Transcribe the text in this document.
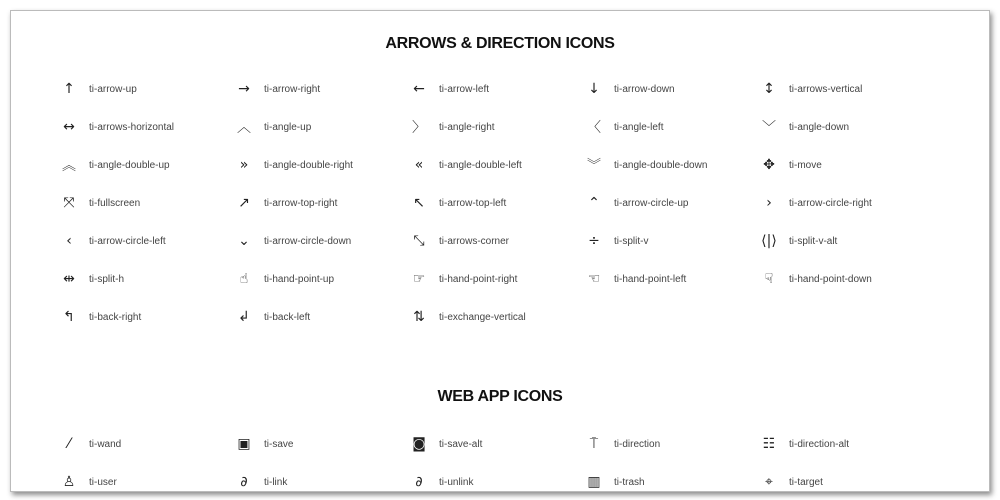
ARROWS & DIRECTION ICONS
↑ ti-arrow-up	→ ti-arrow-right	← ti-arrow-left	↓ ti-arrow-down	↕ ti-arrows-vertical
↔ ti-arrows-horizontal	︿ ti-angle-up	〉 ti-angle-right	〈 ti-angle-left	﹀ ti-angle-down
︽ ti-angle-double-up	»	ti-angle-double-right	«	ti-angle-double-left	︾ ti-angle-double-down	✥ ti-move
⤧ ti-fullscreen	↗ ti-arrow-top-right	↖ ti-arrow-top-left	⌃ ti-arrow-circle-up	›	ti-arrow-circle-right
‹	ti-arrow-circle-left	⌄ ti-arrow-circle-down	⤡ ti-arrows-corner	÷ ti-split-v	⟨|⟩ ti-split-v-alt
⇹ ti-split-h	☝	ti-hand-point-up	☞ ti-hand-point-right	☜ ti-hand-point-left	☟	ti-hand-point-down
↰ ti-back-right	↲ ti-back-left	⇅ ti-exchange-vertical
WEB APP ICONS
⁄	ti-wand	▣ ti-save	◙ ti-save-alt	⍑	ti-direction	☷ ti-direction-alt
♙ ti-user	∂	ti-link	∂	ti-unlink	▥ ti-trash	⌖	ti-target
